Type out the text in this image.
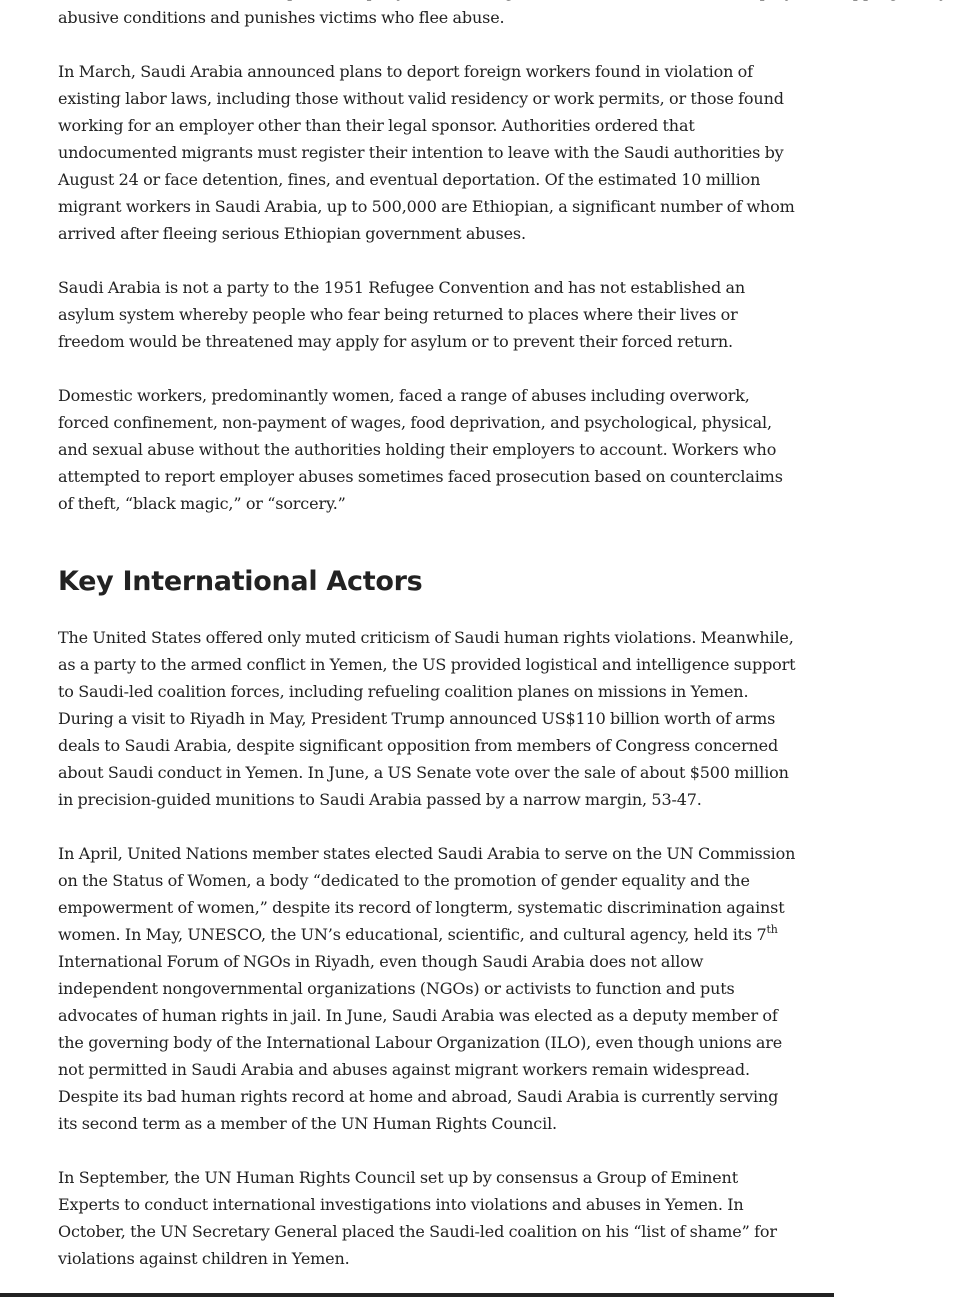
abusive conditions and punishes victims who flee abuse.

In March, Saudi Arabia announced plans to deport foreign workers found in violation of existing labor laws, including those without valid residency or work permits, or those found working for an employer other than their legal sponsor. Authorities ordered that undocumented migrants must register their intention to leave with the Saudi authorities by August 24 or face detention, fines, and eventual deportation. Of the estimated 10 million migrant workers in Saudi Arabia, up to 500,000 are Ethiopian, a significant number of whom arrived after fleeing serious Ethiopian government abuses.

Saudi Arabia is not a party to the 1951 Refugee Convention and has not established an asylum system whereby people who fear being returned to places where their lives or freedom would be threatened may apply for asylum or to prevent their forced return.

Domestic workers, predominantly women, faced a range of abuses including overwork, forced confinement, non-payment of wages, food deprivation, and psychological, physical, and sexual abuse without the authorities holding their employers to account. Workers who attempted to report employer abuses sometimes faced prosecution based on counterclaims of theft, “black magic,” or “sorcery.”

Key International Actors

The United States offered only muted criticism of Saudi human rights violations. Meanwhile, as a party to the armed conflict in Yemen, the US provided logistical and intelligence support to Saudi-led coalition forces, including refueling coalition planes on missions in Yemen. During a visit to Riyadh in May, President Trump announced US$110 billion worth of arms deals to Saudi Arabia, despite significant opposition from members of Congress concerned about Saudi conduct in Yemen. In June, a US Senate vote over the sale of about $500 million in precision-guided munitions to Saudi Arabia passed by a narrow margin, 53-47.

In April, United Nations member states elected Saudi Arabia to serve on the UN Commission on the Status of Women, a body “dedicated to the promotion of gender equality and the empowerment of women,” despite its record of longterm, systematic discrimination against women. In May, UNESCO, the UN’s educational, scientific, and cultural agency, held its 7th International Forum of NGOs in Riyadh, even though Saudi Arabia does not allow independent nongovernmental organizations (NGOs) or activists to function and puts advocates of human rights in jail. In June, Saudi Arabia was elected as a deputy member of the governing body of the International Labour Organization (ILO), even though unions are not permitted in Saudi Arabia and abuses against migrant workers remain widespread. Despite its bad human rights record at home and abroad, Saudi Arabia is currently serving its second term as a member of the UN Human Rights Council.

In September, the UN Human Rights Council set up by consensus a Group of Eminent Experts to conduct international investigations into violations and abuses in Yemen. In October, the UN Secretary General placed the Saudi-led coalition on his “list of shame” for violations against children in Yemen.
